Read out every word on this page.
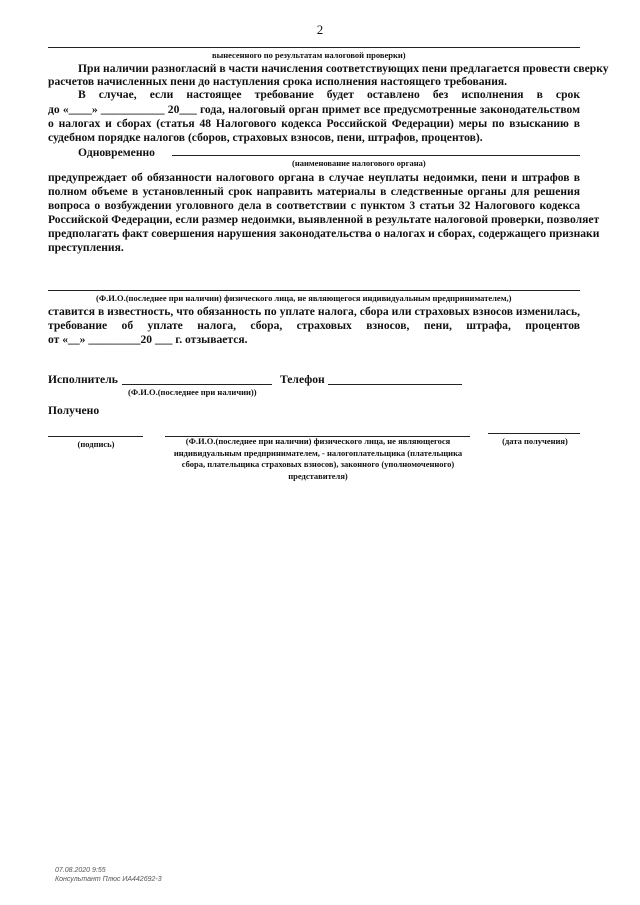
2
вынесенного по результатам налоговой проверки)
При наличии разногласий в части начисления соответствующих пени предлагается провести сверку
расчетов начисленных пени до наступления срока исполнения настоящего требования.
В случае, если настоящее требование будет оставлено без исполнения в срок
до «____» ___________ 20___ года, налоговый орган примет все предусмотренные законодательством
о налогах и сборах (статья 48 Налогового кодекса Российской Федерации) меры по взысканию в
судебном порядке налогов (сборов, страховых взносов, пени, штрафов, процентов).
Одновременно
(наименование налогового органа)
предупреждает об обязанности налогового органа в случае неуплаты недоимки, пени и штрафов в
полном объеме в установленный срок направить материалы в следственные органы для решения
вопроса о возбуждении уголовного дела в соответствии с пунктом 3 статьи 32 Налогового кодекса
Российской Федерации, если размер недоимки, выявленной в результате налоговой проверки, позволяет
предполагать факт совершения нарушения законодательства о налогах и сборах, содержащего признаки
преступления.
(Ф.И.О.(последнее при наличии) физического лица, не являющегося индивидуальным предпринимателем,)
ставится в известность, что обязанность по уплате налога, сбора или страховых взносов изменилась,
требование об уплате налога, сбора, страховых взносов, пени, штрафа, процентов
от «__» _________20 ___ г. отзывается.
Исполнитель	Телефон
(Ф.И.О.(последнее при наличии))
Получено
(подпись)	(Ф.И.О.(последнее при наличии) физического лица, не являющегося
индивидуальным предпринимателем, - налогоплательщика (плательщика
сбора, плательщика страховых взносов), законного (уполномоченного)
представителя)
(дата получения)
07.08.2020 9:55
Консультант Плюс ИА442692-3
